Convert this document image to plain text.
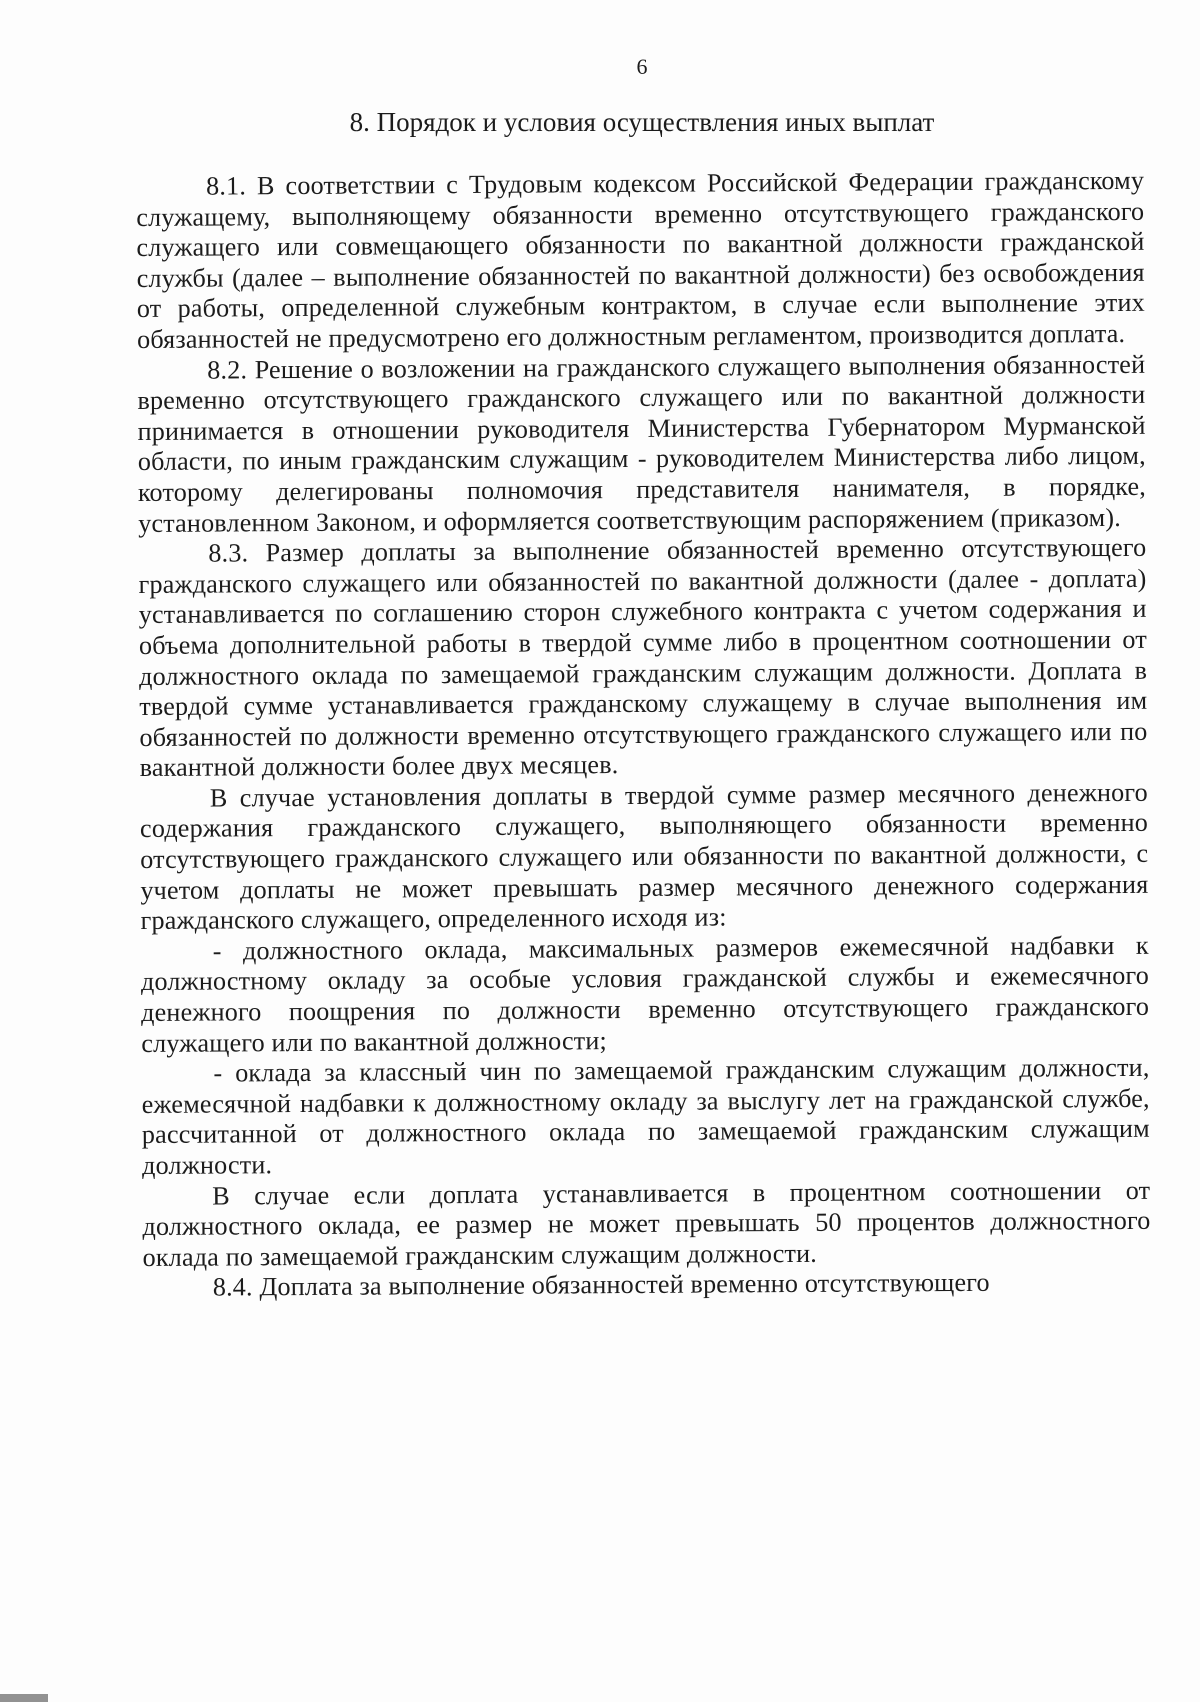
6
8. Порядок и условия осуществления иных выплат

8.1. В соответствии с Трудовым кодексом Российской Федерации гражданскому служащему, выполняющему обязанности временно отсутствующего гражданского служащего или совмещающего обязанности по вакантной должности гражданской службы (далее – выполнение обязанностей по вакантной должности) без освобождения от работы, определенной служебным контрактом, в случае если выполнение этих обязанностей не предусмотрено его должностным регламентом, производится доплата.

8.2. Решение о возложении на гражданского служащего выполнения обязанностей временно отсутствующего гражданского служащего или по вакантной должности принимается в отношении руководителя Министерства Губернатором Мурманской области, по иным гражданским служащим - руководителем Министерства либо лицом, которому делегированы полномочия представителя нанимателя, в порядке, установленном Законом, и оформляется соответствующим распоряжением (приказом).

8.3. Размер доплаты за выполнение обязанностей временно отсутствующего гражданского служащего или обязанностей по вакантной должности (далее - доплата) устанавливается по соглашению сторон служебного контракта с учетом содержания и объема дополнительной работы в твердой сумме либо в процентном соотношении от должностного оклада по замещаемой гражданским служащим должности. Доплата в твердой сумме устанавливается гражданскому служащему в случае выполнения им обязанностей по должности временно отсутствующего гражданского служащего или по вакантной должности более двух месяцев.

В случае установления доплаты в твердой сумме размер месячного денежного содержания гражданского служащего, выполняющего обязанности временно отсутствующего гражданского служащего или обязанности по вакантной должности, с учетом доплаты не может превышать размер месячного денежного содержания гражданского служащего, определенного исходя из:

- должностного оклада, максимальных размеров ежемесячной надбавки к должностному окладу за особые условия гражданской службы и ежемесячного денежного поощрения по должности временно отсутствующего гражданского служащего или по вакантной должности;

- оклада за классный чин по замещаемой гражданским служащим должности, ежемесячной надбавки к должностному окладу за выслугу лет на гражданской службе, рассчитанной от должностного оклада по замещаемой гражданским служащим должности.

В случае если доплата устанавливается в процентном соотношении от должностного оклада, ее размер не может превышать 50 процентов должностного оклада по замещаемой гражданским служащим должности.

8.4. Доплата за выполнение обязанностей временно отсутствующего
